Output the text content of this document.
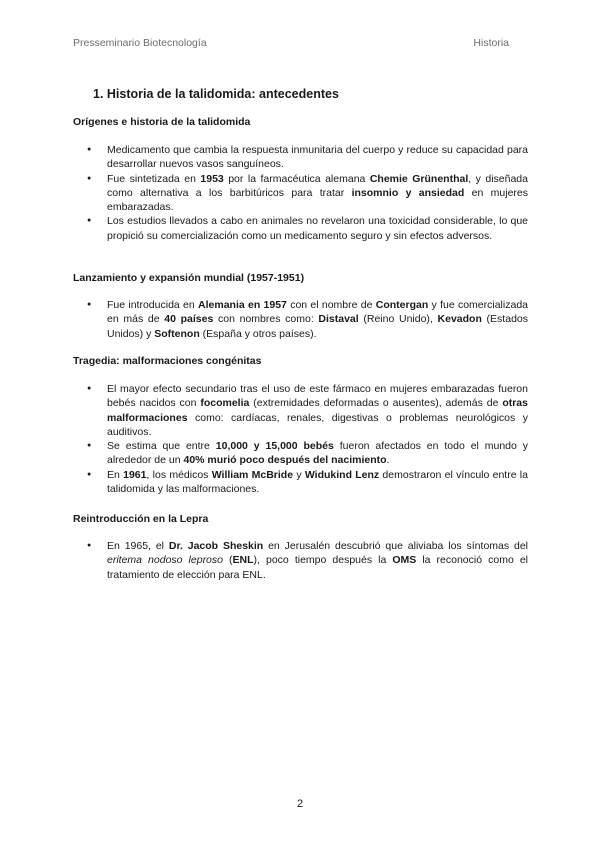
Presseminario Biotecnología	Historia
1. Historia de la talidomida: antecedentes
Orígenes e historia de la talidomida
● Medicamento que cambia la respuesta inmunitaria del cuerpo y reduce su capacidad para desarrollar nuevos vasos sanguíneos.
● Fue sintetizada en 1953 por la farmacéutica alemana Chemie Grünenthal, y diseñada como alternativa a los barbitúricos para tratar insomnio y ansiedad en mujeres embarazadas.
● Los estudios llevados a cabo en animales no revelaron una toxicidad considerable, lo que propició su comercialización como un medicamento seguro y sin efectos adversos.
Lanzamiento y expansión mundial (1957-1951)
● Fue introducida en Alemania en 1957 con el nombre de Contergan y fue comercializada en más de 40 países con nombres como: Distaval (Reino Unido), Kevadon (Estados Unidos) y Softenon (España y otros países).
Tragedia: malformaciones congénitas
● El mayor efecto secundario tras el uso de este fármaco en mujeres embarazadas fueron bebés nacidos con focomelia (extremidades deformadas o ausentes), además de otras malformaciones como: cardíacas, renales, digestivas o problemas neurológicos y auditivos.
● Se estima que entre 10,000 y 15,000 bebés fueron afectados en todo el mundo y alrededor de un 40% murió poco después del nacimiento.
● En 1961, los médicos William McBride y Widukind Lenz demostraron el vínculo entre la talidomida y las malformaciones.
Reintroducción en la Lepra
● En 1965, el Dr. Jacob Sheskin en Jerusalén descubrió que aliviaba los síntomas del eritema nodoso leproso (ENL), poco tiempo después la OMS la reconoció como el tratamiento de elección para ENL.
2
